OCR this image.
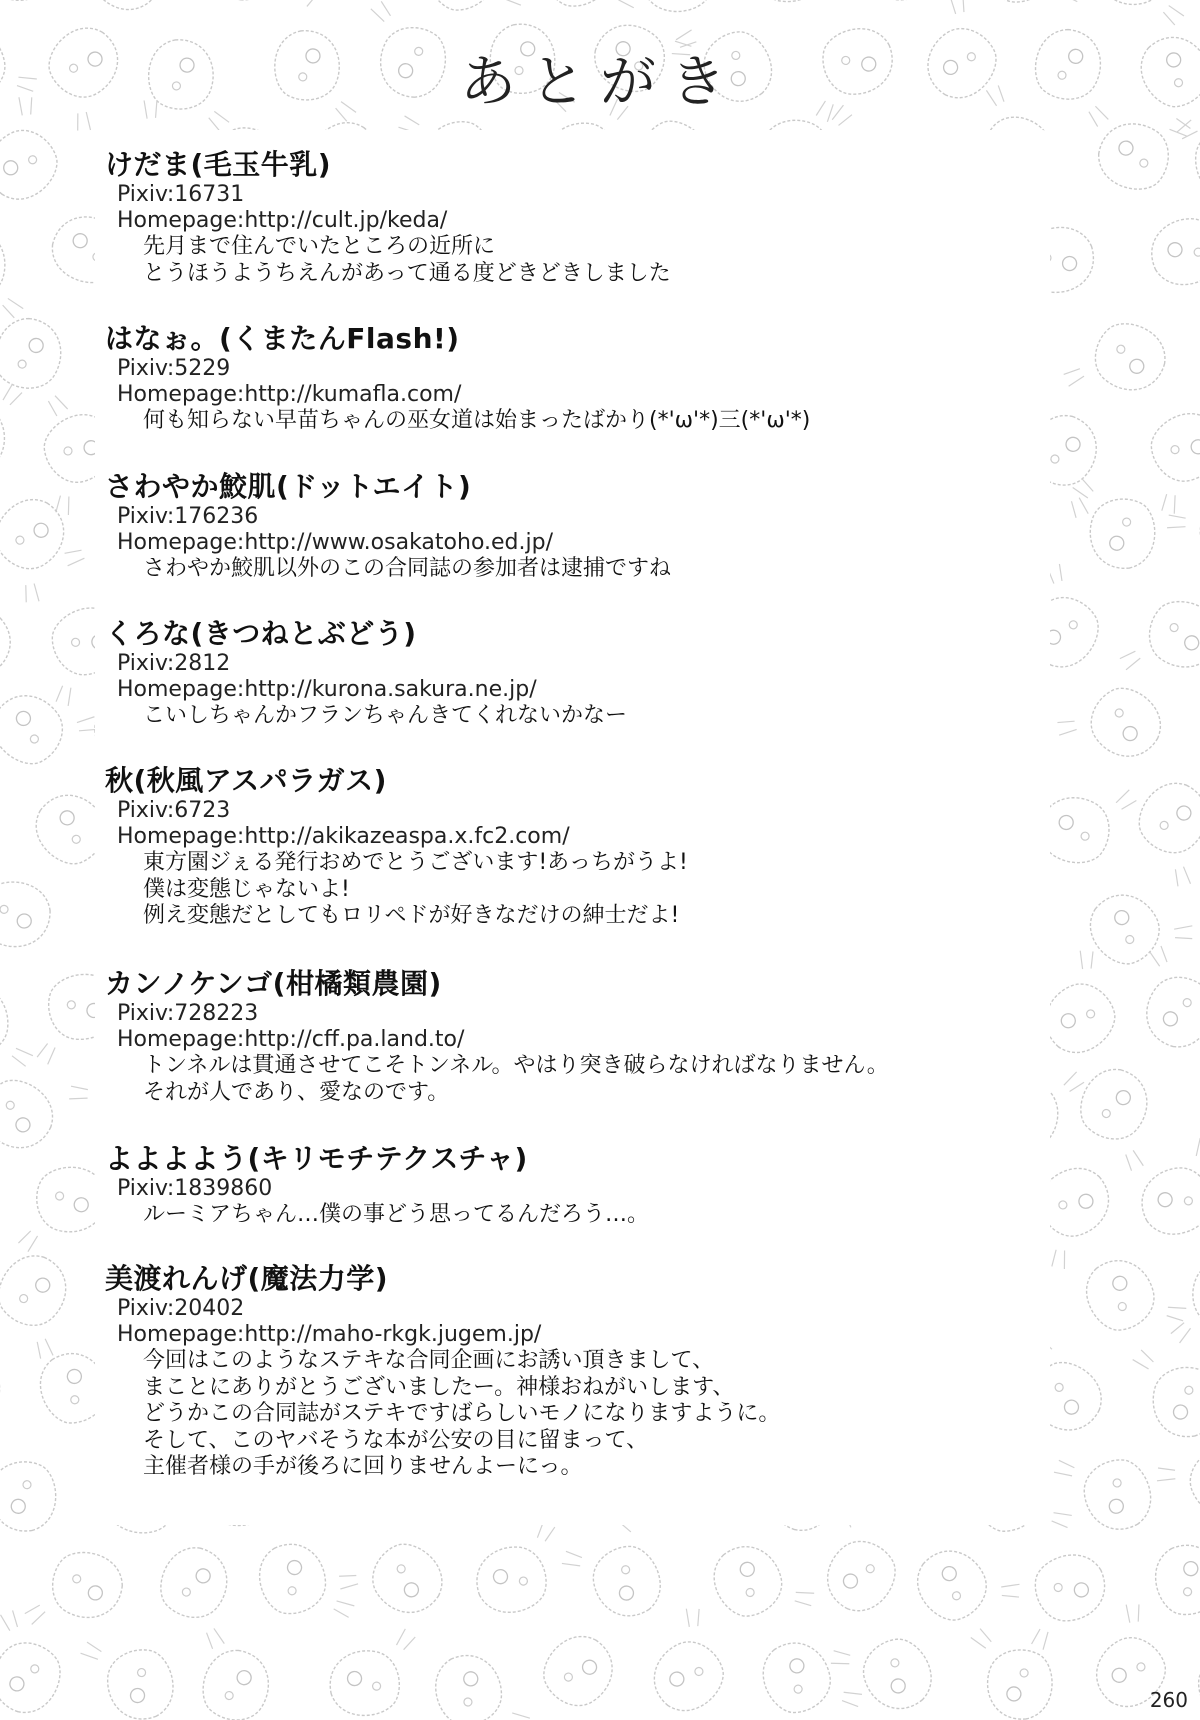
あとがき
けだま(毛玉牛乳)
Pixiv:16731
Homepage:http://cult.jp/keda/
先月まで住んでいたところの近所に
とうほうようちえんがあって通る度どきどきしました
はなぉ。(くまたんFlash!)
Pixiv:5229
Homepage:http://kumafla.com/
何も知らない早苗ちゃんの巫女道は始まったばかり(*'ω'*)三(*'ω'*)
さわやか鮫肌(ドットエイト)
Pixiv:176236
Homepage:http://www.osakatoho.ed.jp/
さわやか鮫肌以外のこの合同誌の参加者は逮捕ですね
くろな(きつねとぶどう)
Pixiv:2812
Homepage:http://kurona.sakura.ne.jp/
こいしちゃんかフランちゃんきてくれないかなー
秋(秋風アスパラガス)
Pixiv:6723
Homepage:http://akikazeaspa.x.fc2.com/
東方園ジぇる発行おめでとうございます!あっちがうよ!
僕は変態じゃないよ!
例え変態だとしてもロリペドが好きなだけの紳士だよ!
カンノケンゴ(柑橘類農園)
Pixiv:728223
Homepage:http://cff.pa.land.to/
トンネルは貫通させてこそトンネル。やはり突き破らなければなりません。
それが人であり、愛なのです。
よよよよう(キリモチテクスチャ)
Pixiv:1839860
ルーミアちゃん…僕の事どう思ってるんだろう…。
美渡れんげ(魔法力学)
Pixiv:20402
Homepage:http://maho-rkgk.jugem.jp/
今回はこのようなステキな合同企画にお誘い頂きまして、
まことにありがとうございましたー。神様おねがいします、
どうかこの合同誌がステキですばらしいモノになりますように。
そして、このヤバそうな本が公安の目に留まって、
主催者様の手が後ろに回りませんよーにっ。
260
